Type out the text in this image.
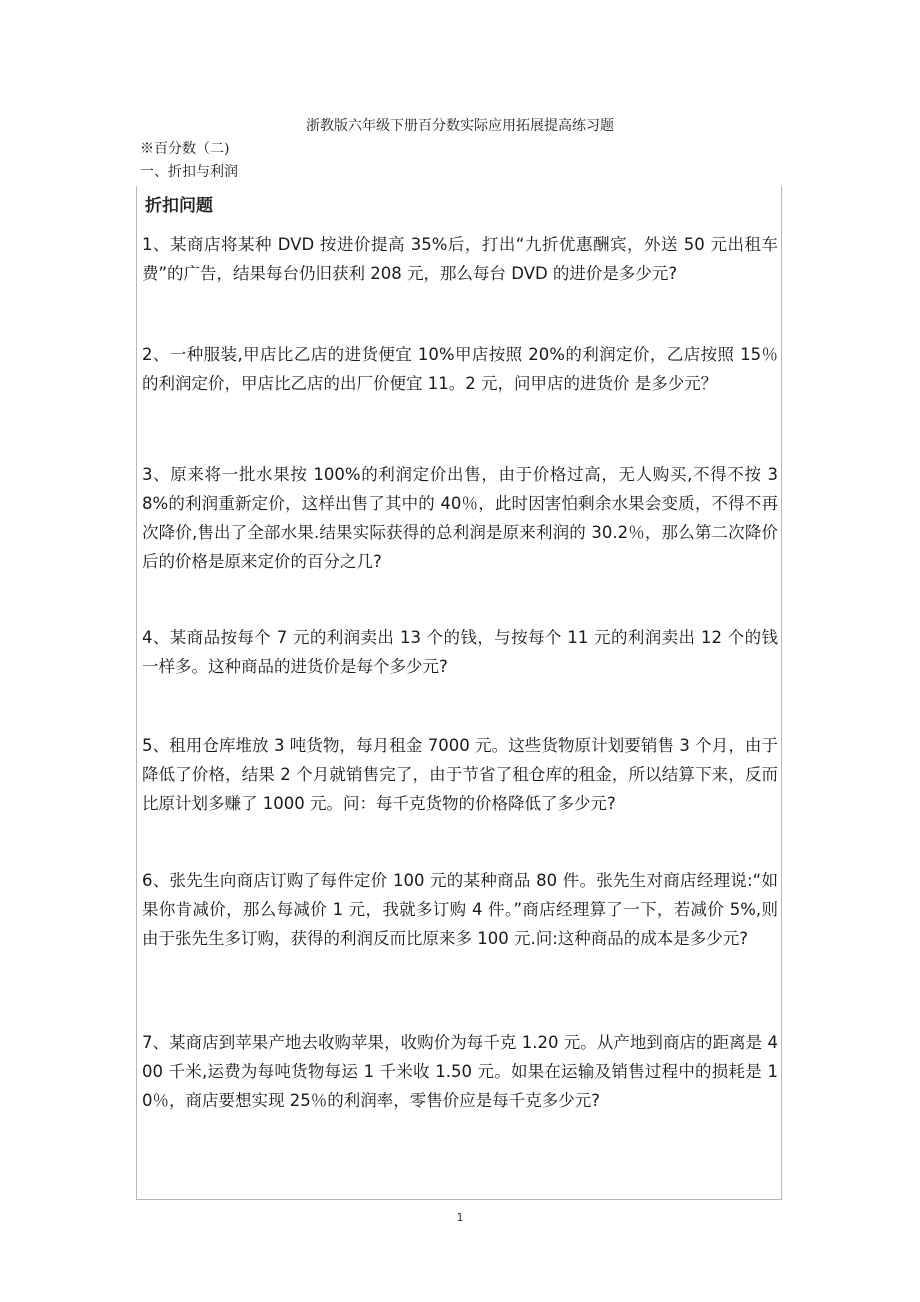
浙教版六年级下册百分数实际应用拓展提高练习题
※百分数（二)
一、折扣与利润
折扣问题
1、某商店将某种 DVD 按进价提高 35%后，打出“九折优惠酬宾，外送 50 元出租车费”的广告，结果每台仍旧获利 208 元，那么每台 DVD 的进价是多少元?
2、一种服装,甲店比乙店的进货便宜 10%甲店按照 20%的利润定价，乙店按照 15％的利润定价，甲店比乙店的出厂价便宜 11。2 元，问甲店的进货价 是多少元？
3、原来将一批水果按 100%的利润定价出售，由于价格过高，无人购买,不得不按 38%的利润重新定价，这样出售了其中的 40％，此时因害怕剩余水果会变质，不得不再次降价,售出了全部水果.结果实际获得的总利润是原来利润的 30.2％，那么第二次降价后的价格是原来定价的百分之几?
4、某商品按每个 7 元的利润卖出 13 个的钱，与按每个 11 元的利润卖出 12 个的钱一样多。这种商品的进货价是每个多少元?
5、租用仓库堆放 3 吨货物，每月租金 7000 元。这些货物原计划要销售 3 个月，由于降低了价格，结果 2 个月就销售完了，由于节省了租仓库的租金，所以结算下来，反而比原计划多赚了 1000 元。问：每千克货物的价格降低了多少元?
6、张先生向商店订购了每件定价 100 元的某种商品 80 件。张先生对商店经理说:“如果你肯减价，那么每减价 1 元，我就多订购 4 件。”商店经理算了一下，若减价 5%,则由于张先生多订购，获得的利润反而比原来多 100 元.问:这种商品的成本是多少元?
7、某商店到苹果产地去收购苹果，收购价为每千克 1.20 元。从产地到商店的距离是 400 千米,运费为每吨货物每运 1 千米收 1.50 元。如果在运输及销售过程中的损耗是 10％，商店要想实现 25％的利润率，零售价应是每千克多少元?
1
